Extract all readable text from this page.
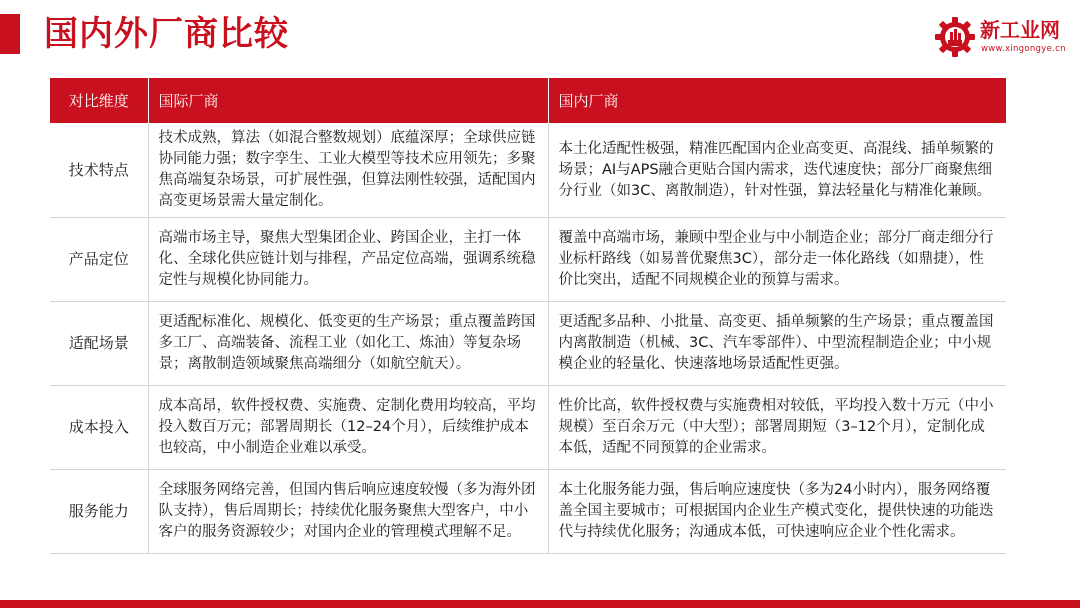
国内外厂商比较	新工业网
www.xingongye.cn
对比维度	国际厂商	国内厂商
技术特点	技术成熟，算法（如混合整数规划）底蕴深厚；全球供应链协同能力强；数字孪生、工业大模型等技术应用领先；多聚焦高端复杂场景，可扩展性强，但算法刚性较强，适配国内高变更场景需大量定制化。	本土化适配性极强，精准匹配国内企业高变更、高混线、插单频繁的场景；AI与APS融合更贴合国内需求，迭代速度快；部分厂商聚焦细分行业（如3C、离散制造），针对性强，算法轻量化与精准化兼顾。
产品定位	高端市场主导，聚焦大型集团企业、跨国企业，主打一体化、全球化供应链计划与排程，产品定位高端，强调系统稳定性与规模化协同能力。	覆盖中高端市场，兼顾中型企业与中小制造企业；部分厂商走细分行业标杆路线（如易普优聚焦3C），部分走一体化路线（如鼎捷），性价比突出，适配不同规模企业的预算与需求。
适配场景	更适配标准化、规模化、低变更的生产场景；重点覆盖跨国多工厂、高端装备、流程工业（如化工、炼油）等复杂场景；离散制造领域聚焦高端细分（如航空航天）。	更适配多品种、小批量、高变更、插单频繁的生产场景；重点覆盖国内离散制造（机械、3C、汽车零部件）、中型流程制造企业；中小规模企业的轻量化、快速落地场景适配性更强。
成本投入	成本高昂，软件授权费、实施费、定制化费用均较高，平均投入数百万元；部署周期长（12–24个月），后续维护成本也较高，中小制造企业难以承受。	性价比高，软件授权费与实施费相对较低，平均投入数十万元（中小规模）至百余万元（中大型）；部署周期短（3–12个月），定制化成本低，适配不同预算的企业需求。
服务能力	全球服务网络完善，但国内售后响应速度较慢（多为海外团队支持），售后周期长；持续优化服务聚焦大型客户，中小客户的服务资源较少；对国内企业的管理模式理解不足。	本土化服务能力强，售后响应速度快（多为24小时内），服务网络覆盖全国主要城市；可根据国内企业生产模式变化，提供快速的功能迭代与持续优化服务；沟通成本低，可快速响应企业个性化需求。
